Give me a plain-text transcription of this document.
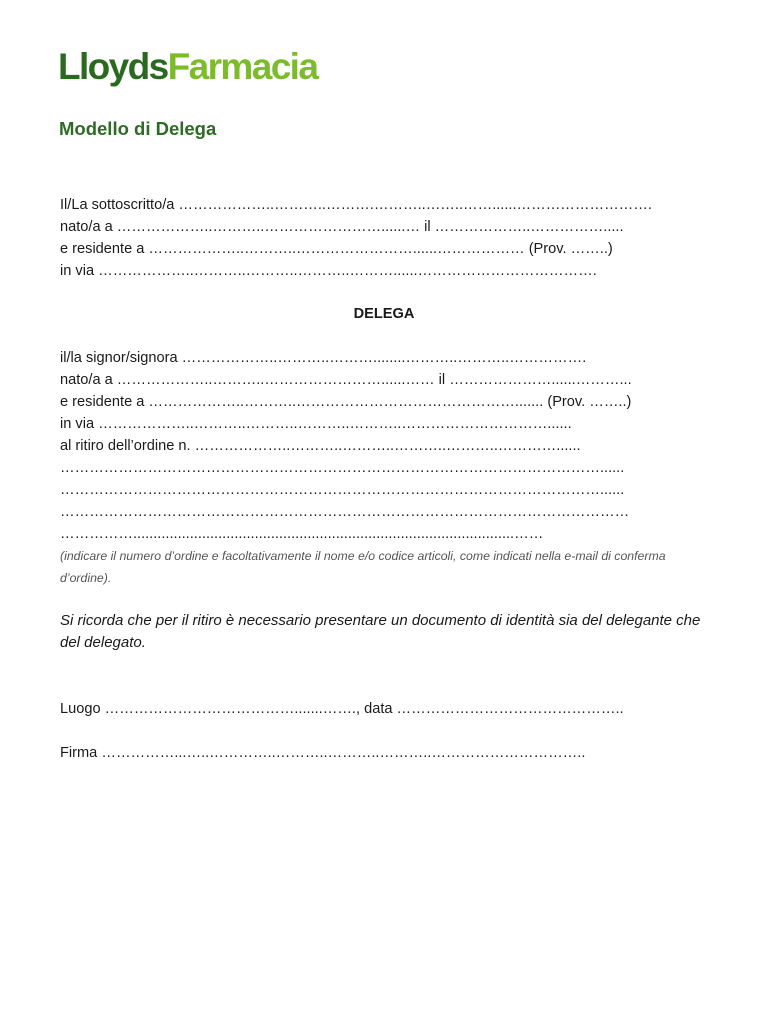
LloydsFarmacia
Modello di Delega
Il/La sottoscritto/a ………………..………..……….………..……..……......……………………….
nato/a a ………………..………..……………………......… il ………………..…………….....
e residente a ………………..………..……………………......……………… (Prov. ……..)
in via ………………..………..………..………..………......……………………………….
DELEGA
il/la signor/signora ………………..………..………........………..………..…………….
nato/a a ………………..………..……………………......…… il …………………......………...
e residente a ………………..………..………………………………………....... (Prov. ……..)
in via ………………..………..………..………..………..…………………………......
al ritiro dell’ordine n. ………………..………..………..………..………..…………......
…………………………………………………………………………………………………......
…………………………………………………………………………………………………......
………………………………………………………………………………………………………
……………..............................................................................................……
(indicare il numero d’ordine e facoltativamente il nome e/o codice articoli, come indicati nella e-mail di conferma d’ordine).
Si ricorda che per il ritiro è necessario presentare un documento di identità sia del delegante che del delegato.
Luogo ………………………………….......……., data ………………………………………..
Firma ……………...…..…………..………..………..………..…………………………..
